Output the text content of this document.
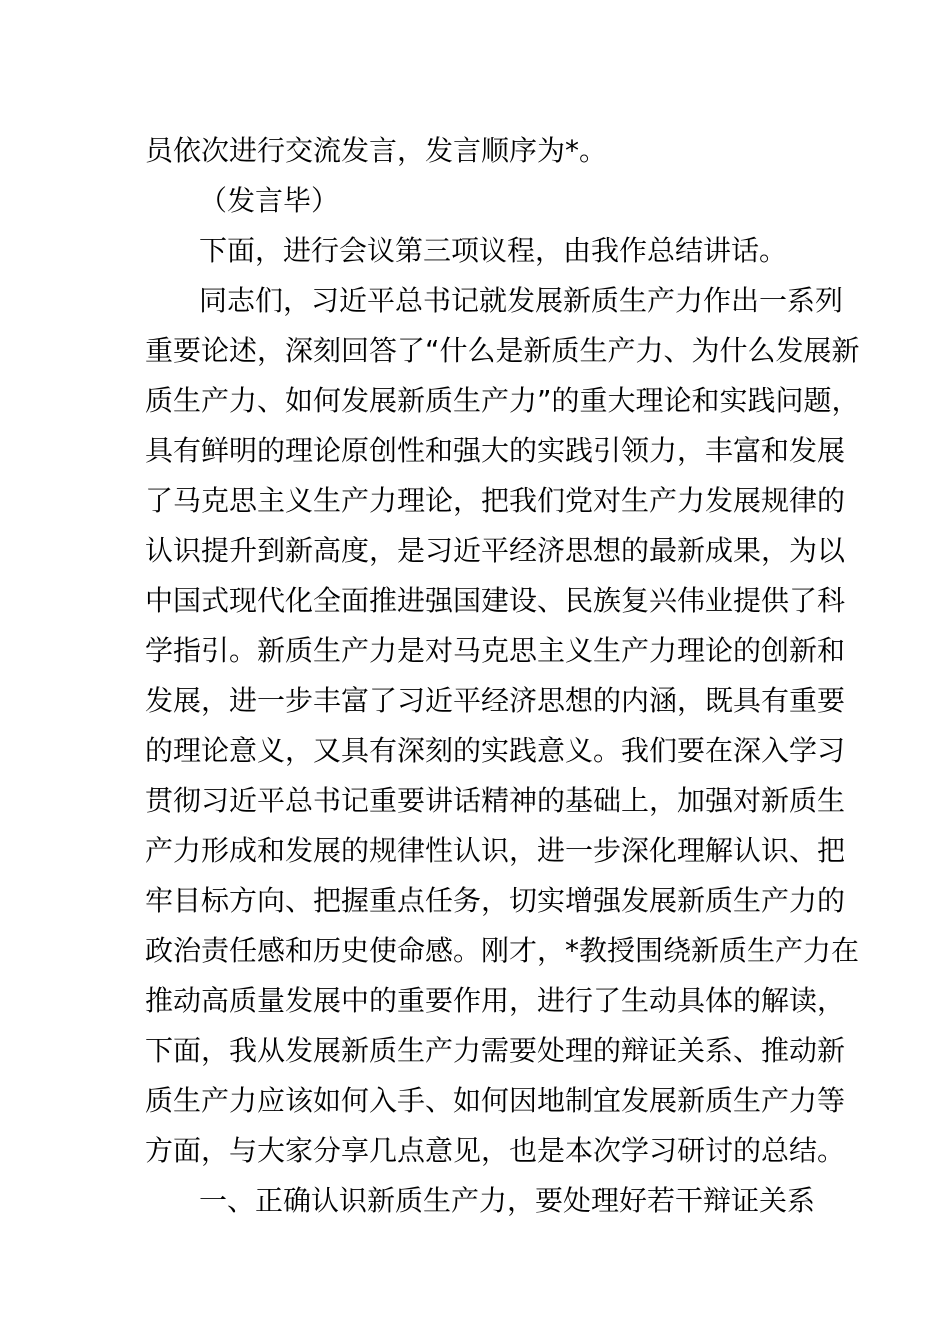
员依次进行交流发言，发言顺序为*。
（发言毕）
下面，进行会议第三项议程，由我作总结讲话。
同志们，习近平总书记就发展新质生产力作出一系列
重要论述，深刻回答了“什么是新质生产力、为什么发展新
质生产力、如何发展新质生产力”的重大理论和实践问题，
具有鲜明的理论原创性和强大的实践引领力，丰富和发展
了马克思主义生产力理论，把我们党对生产力发展规律的
认识提升到新高度，是习近平经济思想的最新成果，为以
中国式现代化全面推进强国建设、民族复兴伟业提供了科
学指引。新质生产力是对马克思主义生产力理论的创新和
发展，进一步丰富了习近平经济思想的内涵，既具有重要
的理论意义，又具有深刻的实践意义。我们要在深入学习
贯彻习近平总书记重要讲话精神的基础上，加强对新质生
产力形成和发展的规律性认识，进一步深化理解认识、把
牢目标方向、把握重点任务，切实增强发展新质生产力的
政治责任感和历史使命感。刚才，*教授围绕新质生产力在
推动高质量发展中的重要作用，进行了生动具体的解读，
下面，我从发展新质生产力需要处理的辩证关系、推动新
质生产力应该如何入手、如何因地制宜发展新质生产力等
方面，与大家分享几点意见，也是本次学习研讨的总结。
一、正确认识新质生产力，要处理好若干辩证关系
